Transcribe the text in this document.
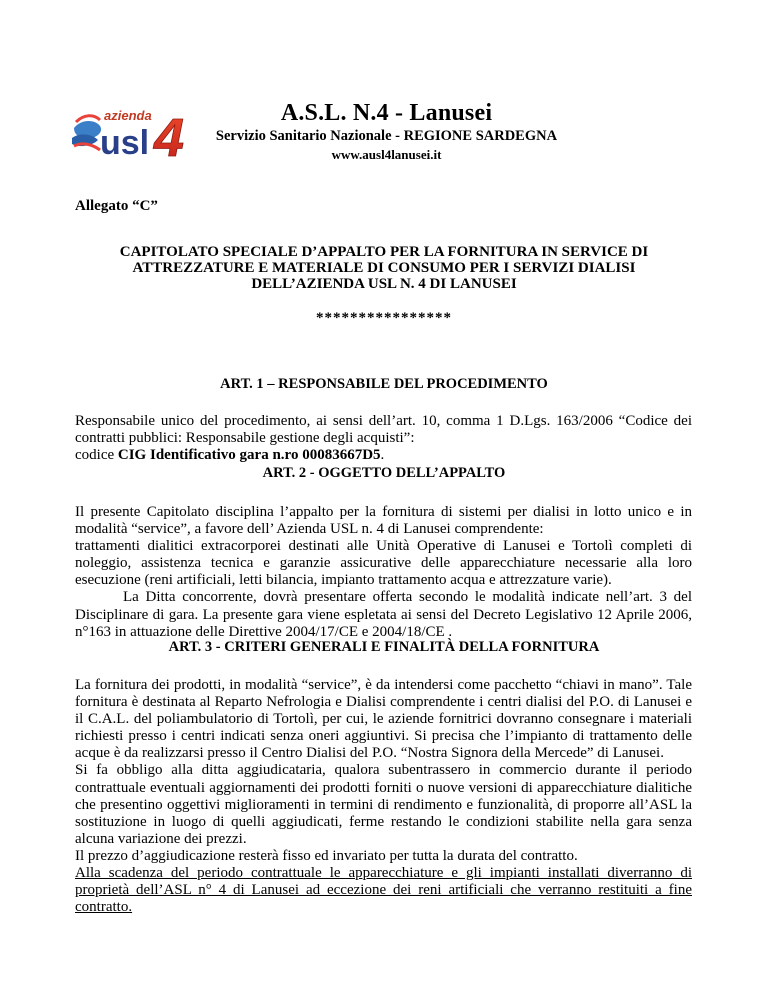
azienda
usl 4	A.S.L. N.4 - Lanusei
Servizio Sanitario Nazionale - REGIONE SARDEGNA
www.ausl4lanusei.it
Allegato “C”
CAPITOLATO SPECIALE D’APPALTO PER LA FORNITURA IN SERVICE DI
ATTREZZATURE E MATERIALE DI CONSUMO PER I SERVIZI DIALISI
DELL’AZIENDA USL N. 4 DI LANUSEI
****************
ART. 1 – RESPONSABILE DEL PROCEDIMENTO

Responsabile unico del procedimento, ai sensi dell’art. 10, comma 1 D.Lgs. 163/2006 “Codice dei contratti pubblici: Responsabile gestione degli acquisti”:

codice CIG Identificativo gara n.ro 00083667D5.

ART. 2 - OGGETTO DELL’APPALTO

Il presente Capitolato disciplina l’appalto per la fornitura di sistemi per dialisi in lotto unico e in modalità “service”, a favore dell’ Azienda USL n. 4 di Lanusei comprendente:

trattamenti dialitici extracorporei destinati alle Unità Operative di Lanusei e Tortolì completi di noleggio, assistenza tecnica e garanzie assicurative delle apparecchiature necessarie alla loro esecuzione (reni artificiali, letti bilancia, impianto trattamento acqua e attrezzature varie).

La Ditta concorrente, dovrà presentare offerta secondo le modalità indicate nell’art. 3 del Disciplinare di gara. La presente gara viene espletata ai sensi del Decreto Legislativo 12 Aprile 2006, n°163 in attuazione delle Direttive 2004/17/CE e 2004/18/CE .

ART. 3 - CRITERI GENERALI E FINALITÀ DELLA FORNITURA

La fornitura dei prodotti, in modalità “service”, è da intendersi come pacchetto “chiavi in mano”. Tale fornitura è destinata al Reparto Nefrologia e Dialisi comprendente i centri dialisi del P.O. di Lanusei e il C.A.L. del poliambulatorio di Tortolì, per cui, le aziende fornitrici dovranno consegnare i materiali richiesti presso i centri indicati senza oneri aggiuntivi. Si precisa che l’impianto di trattamento delle acque è da realizzarsi presso il Centro Dialisi del P.O. “Nostra Signora della Mercede” di Lanusei.

Si fa obbligo alla ditta aggiudicataria, qualora subentrassero in commercio durante il periodo contrattuale eventuali aggiornamenti dei prodotti forniti o nuove versioni di apparecchiature dialitiche che presentino oggettivi miglioramenti in termini di rendimento e funzionalità, di proporre all’ASL la sostituzione in luogo di quelli aggiudicati, ferme restando le condizioni stabilite nella gara senza alcuna variazione dei prezzi.

Il prezzo d’aggiudicazione resterà fisso ed invariato per tutta la durata del contratto.

Alla scadenza del periodo contrattuale le apparecchiature e gli impianti installati diverranno di proprietà dell’ASL n° 4 di Lanusei ad eccezione dei reni artificiali che verranno restituiti a fine contratto.
